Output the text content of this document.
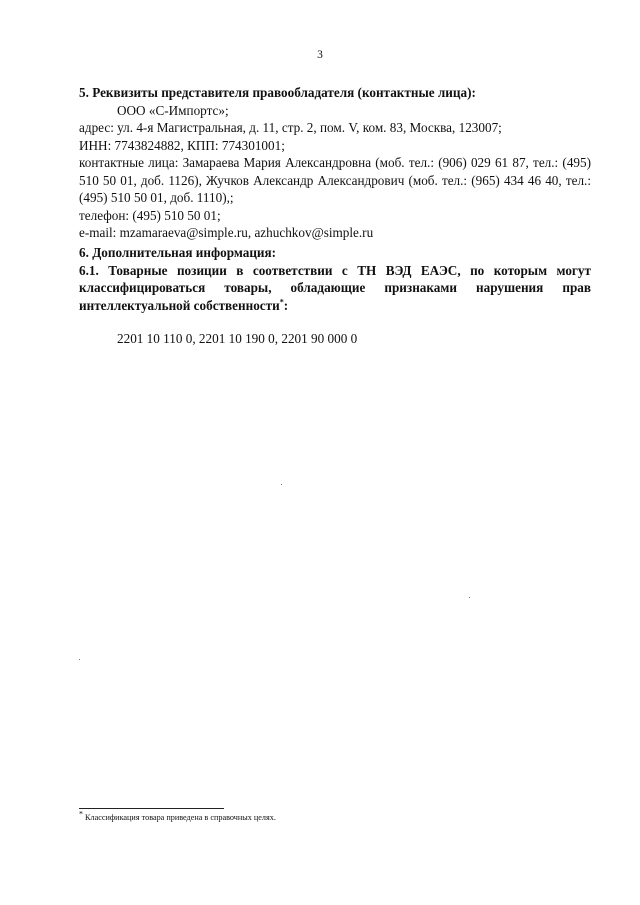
3
5. Реквизиты представителя правообладателя (контактные лица):
ООО «С-Импортс»;
адрес: ул. 4-я Магистральная, д. 11, стр. 2, пом. V, ком. 83, Москва, 123007;
ИНН: 7743824882, КПП: 774301001;
контактные лица: Замараева Мария Александровна (моб. тел.: (906) 029 61 87, тел.: (495) 510 50 01, доб. 1126), Жучков Александр Александрович (моб. тел.: (965) 434 46 40, тел.: (495) 510 50 01, доб. 1110),;
телефон: (495) 510 50 01;
e-mail: mzamaraeva@simple.ru, azhuchkov@simple.ru
6. Дополнительная информация:
6.1. Товарные позиции в соответствии с ТН ВЭД ЕАЭС, по которым могут классифицироваться товары, обладающие признаками нарушения прав интеллектуальной собственности*:
2201 10 110 0, 2201 10 190 0, 2201 90 000 0
* Классификация товара приведена в справочных целях.
